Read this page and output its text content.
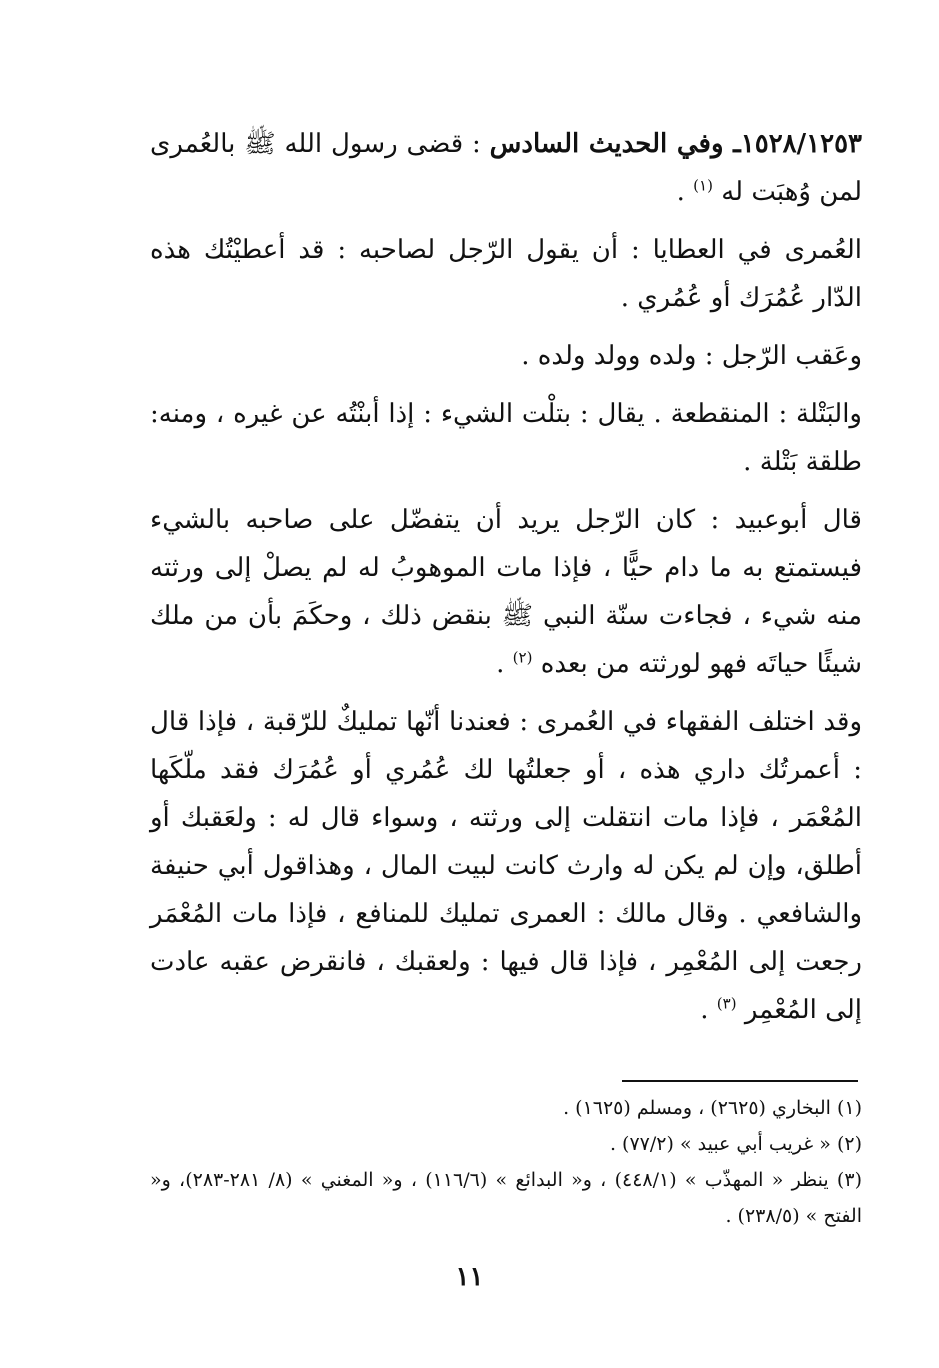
١٥٢٨/١٢٥٣ـ وفي الحديث السادس : قضى رسول الله ﷺ بالعُمرى لمن وُهبَت له $^{(١)}$ .

العُمرى في العطايا : أن يقول الرّجل لصاحبه : قد أعطيْتُك هذه الدّار عُمُرَك أو عُمُري .

وعَقب الرّجل : ولده وولد ولده .

والبَتْلة : المنقطعة . يقال : بتلْت الشيء : إذا أبنْتُه عن غيره ، ومنه: طلقة بَتْلة .

قال أبوعبيد : كان الرّجل يريد أن يتفضّل على صاحبه بالشيء فيستمتع به ما دام حيًّا ، فإذا مات الموهوبُ له لم يصلْ إلى ورثته منه شيء ، فجاءت سنّة النبي ﷺ بنقض ذلك ، وحكَمَ بأن من ملك شيئًا حياتَه فهو لورثته من بعده $^{(٢)}$ .

وقد اختلف الفقهاء في العُمرى : فعندنا أنّها تمليكٌ للرّقبة ، فإذا قال : أعمرتُك داري هذه ، أو جعلتُها لك عُمُري أو عُمُرَك فقد ملّكَها المُعْمَر ، فإذا مات انتقلت إلى ورثته ، وسواء قال له : ولعَقبك أو أطلق، وإن لم يكن له وارث كانت لبيت المال ، وهذاقول أبي حنيفة والشافعي . وقال مالك : العمرى تمليك للمنافع ، فإذا مات المُعْمَر رجعت إلى المُعْمِر ، فإذا قال فيها : ولعقبك ، فانقرض عقبه عادت إلى المُعْمِر $^{(٣)}$ .

(١) البخاري (٢٦٢٥) ، ومسلم (١٦٢٥) .

(٢) « غريب أبي عبيد » (٧٧/٢) .

(٣) ينظر « المهذّب » (٤٤٨/١) ، و« البدائع » (١١٦/٦) ، و« المغني » (٨/ ٢٨١-٢٨٣)، و« الفتح » (٢٣٨/٥) .

١١
